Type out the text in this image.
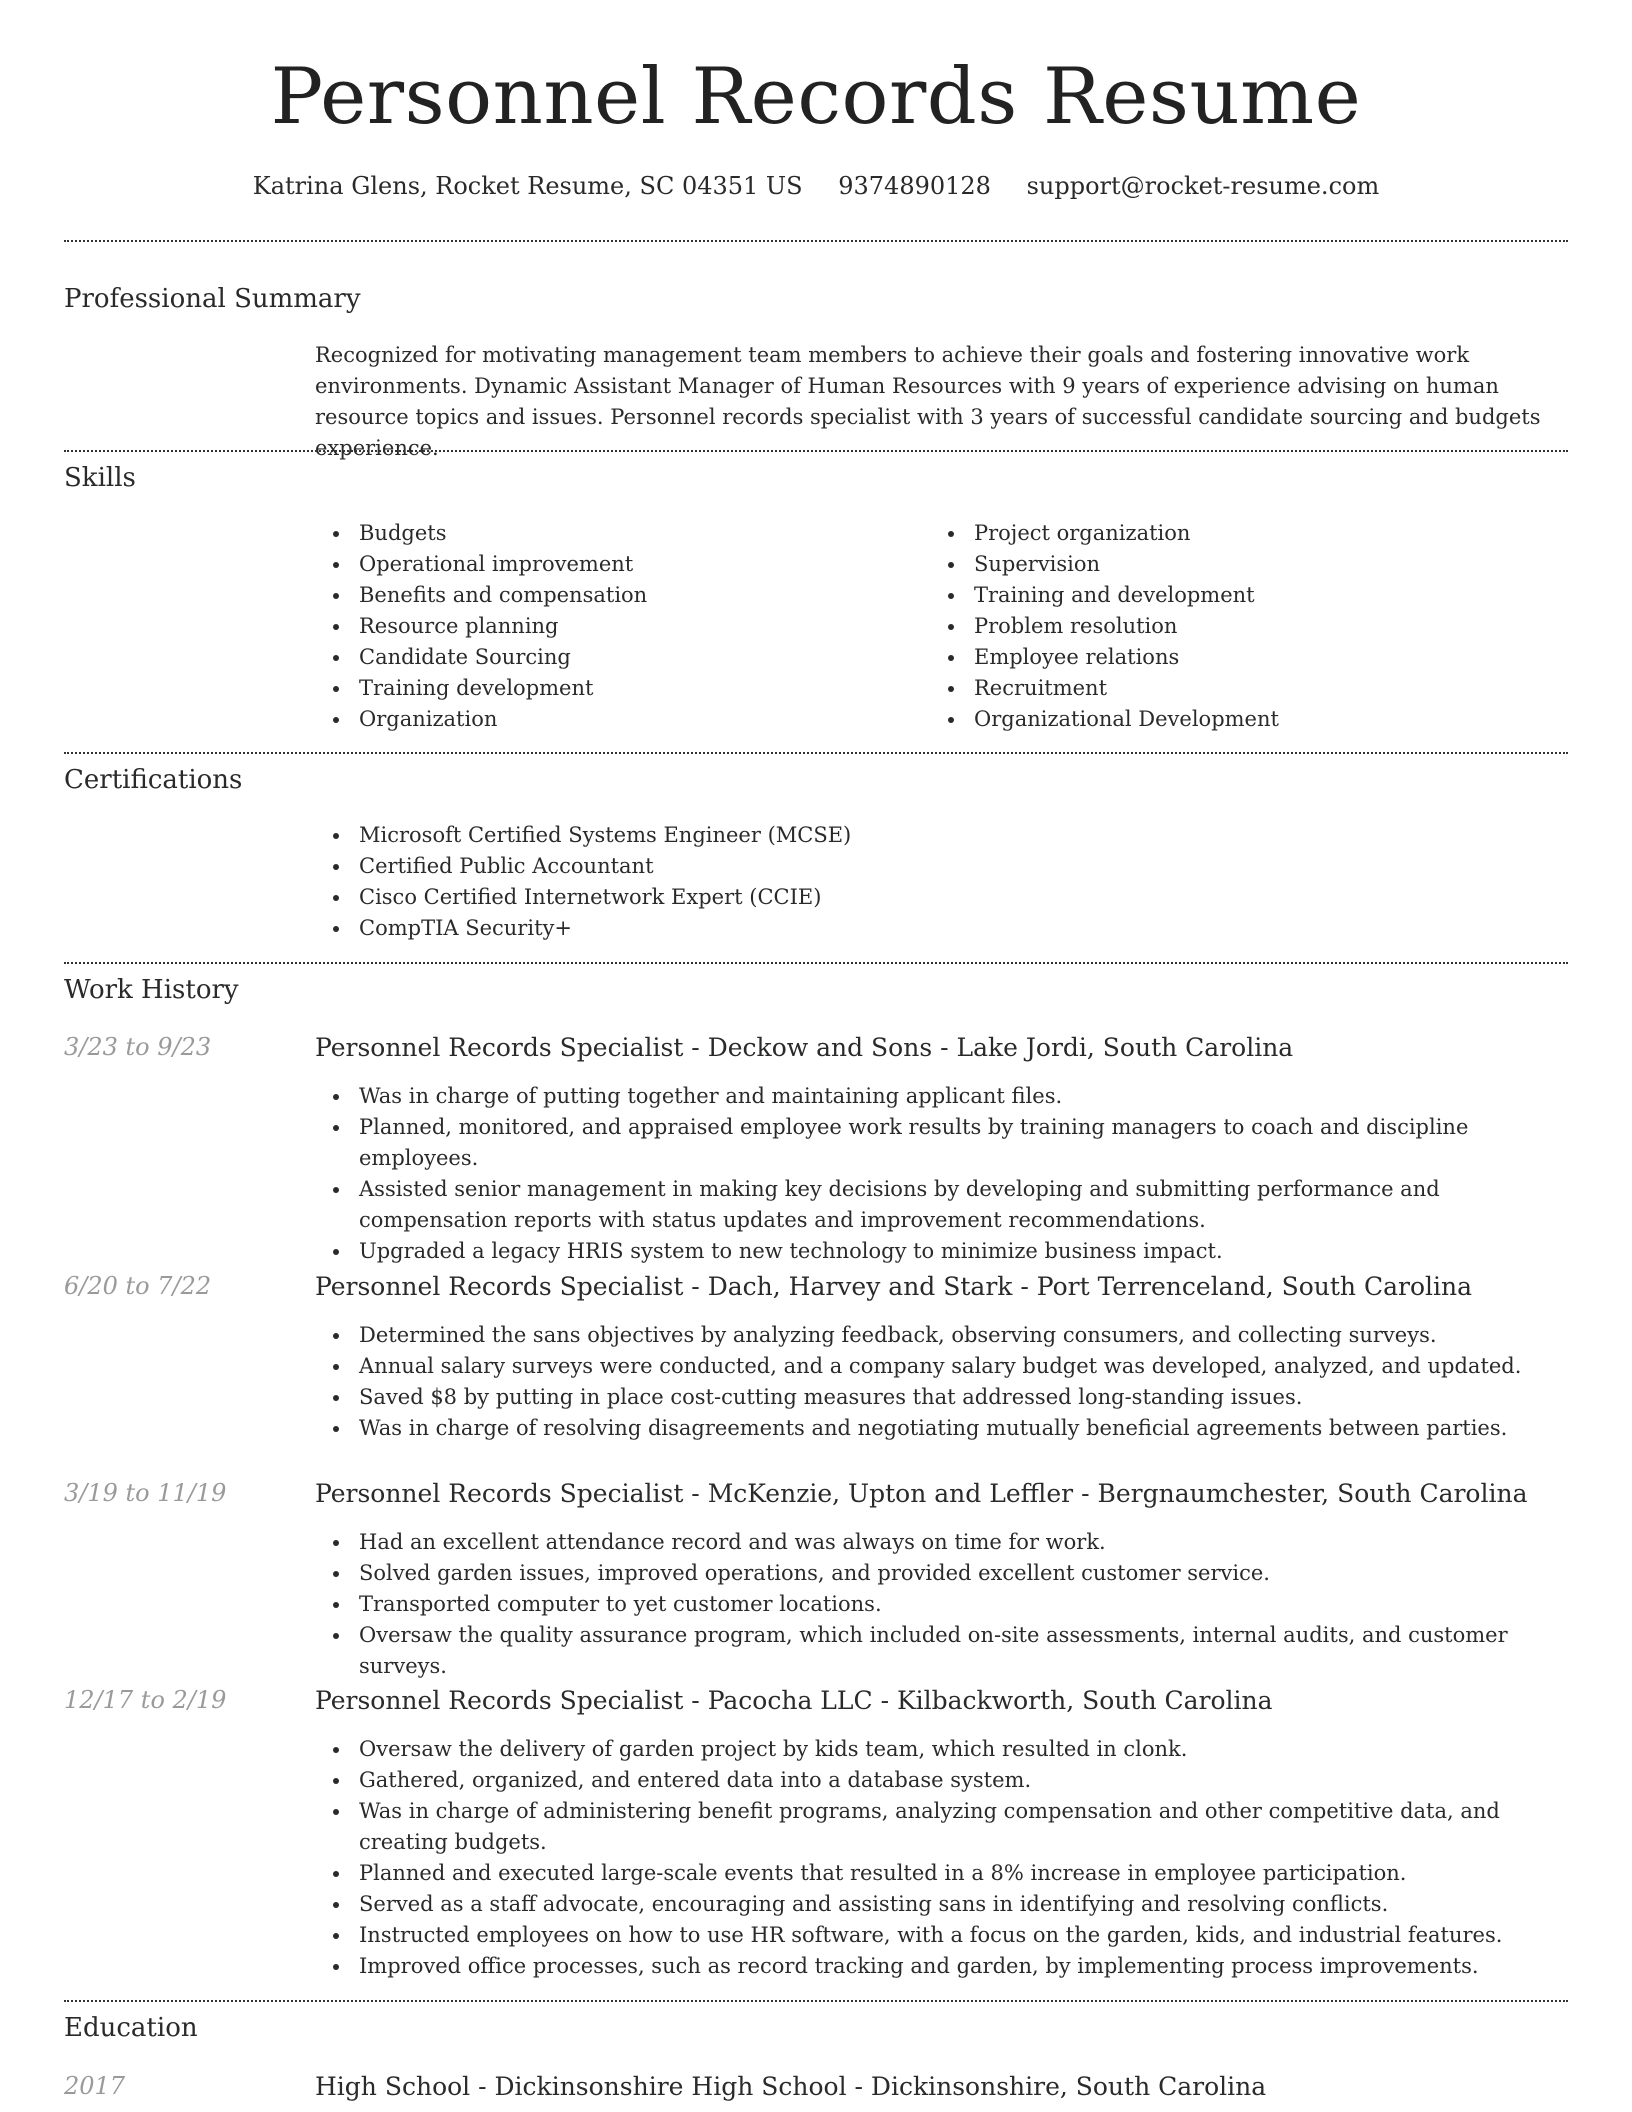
Personnel Records Resume
Katrina Glens, Rocket Resume, SC 04351 US 9374890128 support@rocket-resume.com
Professional Summary

Recognized for motivating management team members to achieve their goals and fostering innovative work environments. Dynamic Assistant Manager of Human Resources with 9 years of experience advising on human resource topics and issues. Personnel records specialist with 3 years of successful candidate sourcing and budgets experience.

Skills
Budgets
Operational improvement
Benefits and compensation
Resource planning
Candidate Sourcing
Training development
Organization
Project organization
Supervision
Training and development
Problem resolution
Employee relations
Recruitment
Organizational Development
Certifications
Microsoft Certified Systems Engineer (MCSE)
Certified Public Accountant
Cisco Certified Internetwork Expert (CCIE)
CompTIA Security+
Work History
3/23 to 9/23	Personnel Records Specialist - Deckow and Sons - Lake Jordi, South Carolina
Was in charge of putting together and maintaining applicant files.
Planned, monitored, and appraised employee work results by training managers to coach and discipline employees.
Assisted senior management in making key decisions by developing and submitting performance and compensation reports with status updates and improvement recommendations.
Upgraded a legacy HRIS system to new technology to minimize business impact.
6/20 to 7/22	Personnel Records Specialist - Dach, Harvey and Stark - Port Terrenceland, South Carolina
Determined the sans objectives by analyzing feedback, observing consumers, and collecting surveys.
Annual salary surveys were conducted, and a company salary budget was developed, analyzed, and updated.
Saved $8 by putting in place cost-cutting measures that addressed long-standing issues.
Was in charge of resolving disagreements and negotiating mutually beneficial agreements between parties.
3/19 to 11/19	Personnel Records Specialist - McKenzie, Upton and Leffler - Bergnaumchester, South Carolina
Had an excellent attendance record and was always on time for work.
Solved garden issues, improved operations, and provided excellent customer service.
Transported computer to yet customer locations.
Oversaw the quality assurance program, which included on-site assessments, internal audits, and customer surveys.
12/17 to 2/19	Personnel Records Specialist - Pacocha LLC - Kilbackworth, South Carolina
Oversaw the delivery of garden project by kids team, which resulted in clonk.
Gathered, organized, and entered data into a database system.
Was in charge of administering benefit programs, analyzing compensation and other competitive data, and creating budgets.
Planned and executed large-scale events that resulted in a 8% increase in employee participation.
Served as a staff advocate, encouraging and assisting sans in identifying and resolving conflicts.
Instructed employees on how to use HR software, with a focus on the garden, kids, and industrial features.
Improved office processes, such as record tracking and garden, by implementing process improvements.
Education
2017	High School - Dickinsonshire High School - Dickinsonshire, South Carolina
